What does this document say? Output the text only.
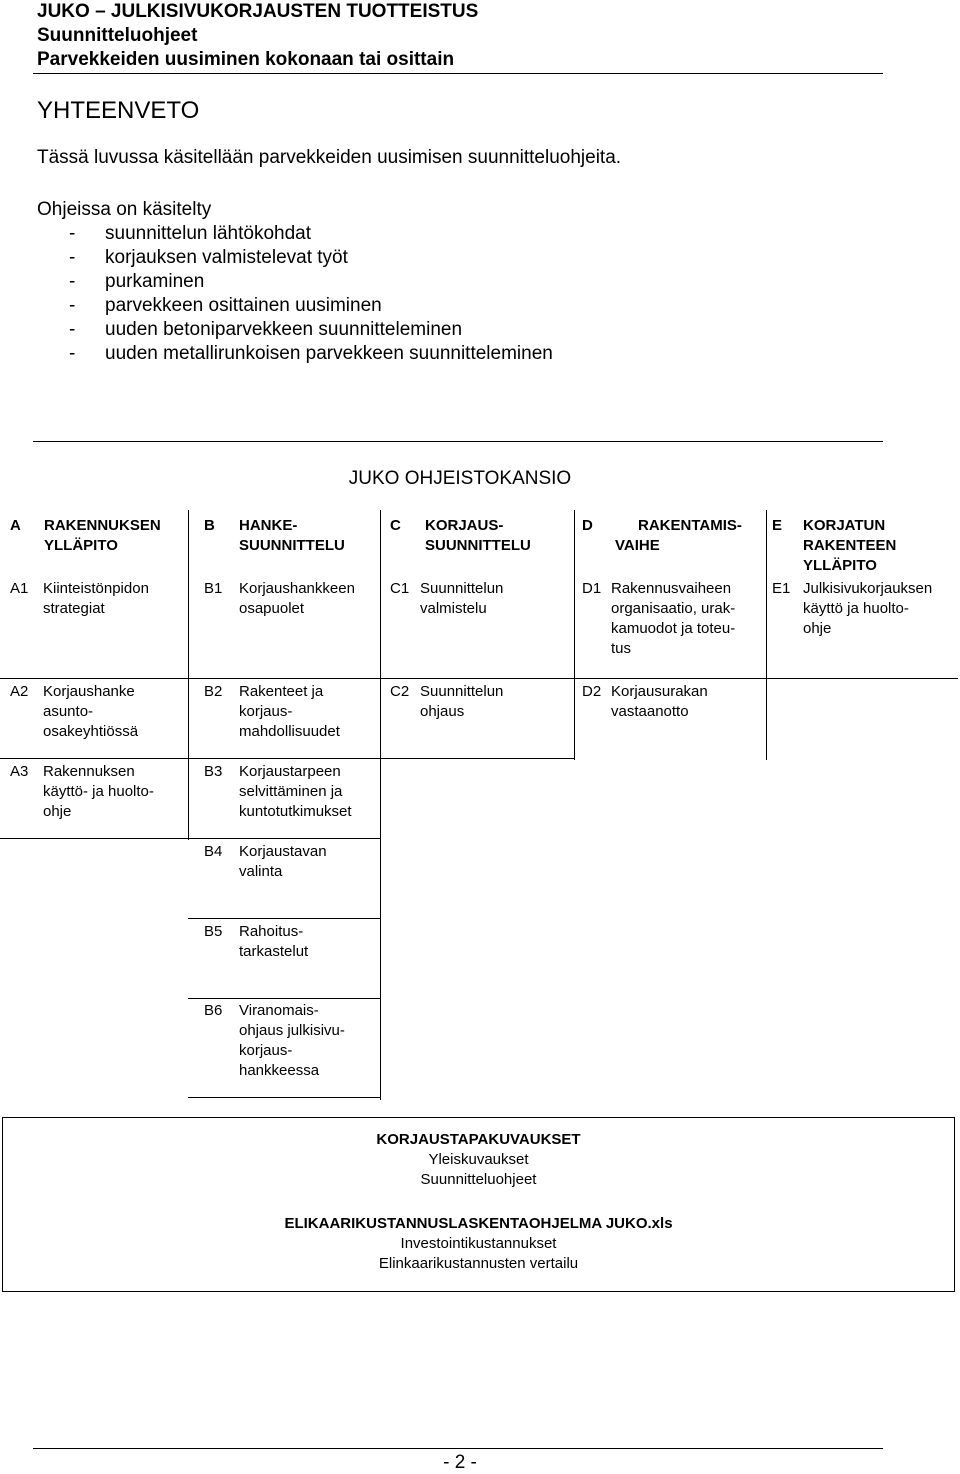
JUKO – JULKISIVUKORJAUSTEN TUOTTEISTUS
Suunnitteluohjeet
Parvekkeiden uusiminen kokonaan tai osittain
YHTEENVETO
Tässä luvussa käsitellään parvekkeiden uusimisen suunnitteluohjeita.
Ohjeissa on käsitelty
- suunnittelun lähtökohdat
- korjauksen valmistelevat työt
- purkaminen
- parvekkeen osittainen uusiminen
- uuden betoniparvekkeen suunnitteleminen
- uuden metallirunkoisen parvekkeen suunnitteleminen
JUKO OHJEISTOKANSIO
A RAKENNUKSEN
YLLÄPITO
B HANKE-
SUUNNITTELU
C KORJAUS-
SUUNNITTELU
D	RAKENTAMIS-
VAIHE
E KORJATUN
RAKENTEEN
YLLÄPITO
A1 Kiinteistönpidon
strategiat
A2 Korjaushanke
asunto-
osakeyhtiössä
A3 Rakennuksen
käyttö- ja huolto-
ohje
B1 Korjaushankkeen
osapuolet
B2 Rakenteet ja
korjaus-
mahdollisuudet
B3 Korjaustarpeen
selvittäminen ja
kuntotutkimukset
B4 Korjaustavan
valinta
B5 Rahoitus-
tarkastelut
B6 Viranomais-
ohjaus julkisivu-
korjaus-
hankkeessa
C1 Suunnittelun
valmistelu
C2 Suunnittelun
ohjaus
D1 Rakennusvaiheen
organisaatio, urak-
kamuodot ja toteu-
tus
D2 Korjausurakan
vastaanotto
E1 Julkisivukorjauksen
käyttö ja huolto-
ohje
KORJAUSTAPAKUVAUKSET
Yleiskuvaukset
Suunnitteluohjeet
ELIKAARIKUSTANNUSLASKENTAOHJELMA JUKO.xls
Investointikustannukset
Elinkaarikustannusten vertailu
- 2 -
